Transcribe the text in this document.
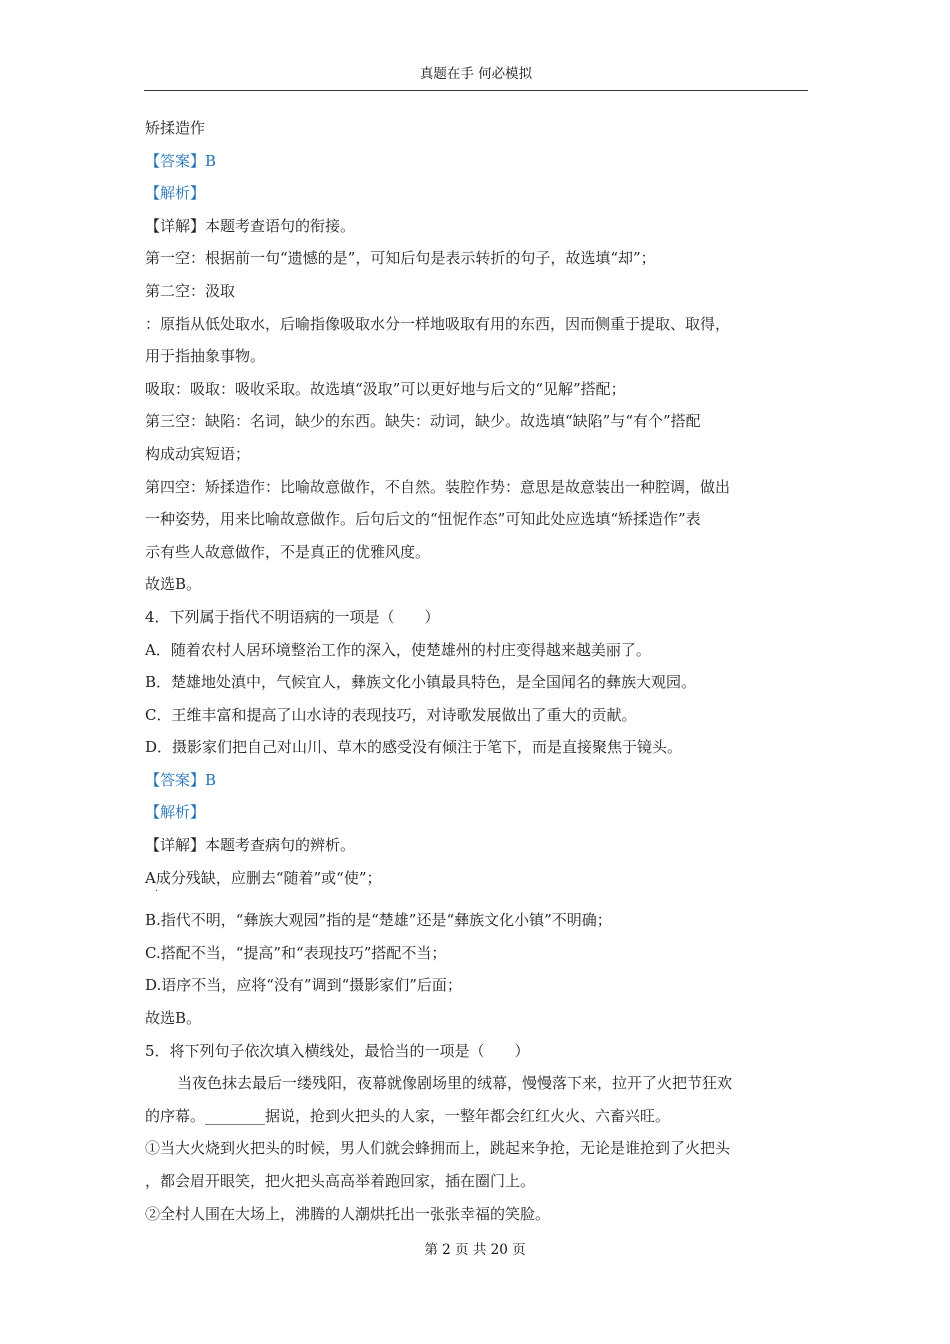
真题在手 何必模拟
矫揉造作
【答案】B
【解析】
【详解】本题考查语句的衔接。
第一空：根据前一句“遗憾的是”，可知后句是表示转折的句子，故选填“却”；
第二空：汲取
：原指从低处取水，后喻指像吸取水分一样地吸取有用的东西，因而侧重于提取、取得，
用于指抽象事物。
吸取：吸取：吸收采取。故选填“汲取”可以更好地与后文的“见解”搭配；
第三空：缺陷：名词，缺少的东西。缺失：动词，缺少。故选填“缺陷”与“有个”搭配
构成动宾短语；
第四空：矫揉造作：比喻故意做作，不自然。装腔作势：意思是故意装出一种腔调，做出
一种姿势，用来比喻故意做作。后句后文的“忸怩作态”可知此处应选填“矫揉造作”表
示有些人故意做作，不是真正的优雅风度。
故选B。
4．下列属于指代不明语病的一项是（　　）
A．随着农村人居环境整治工作的深入，使楚雄州的村庄变得越来越美丽了。
B．楚雄地处滇中，气候宜人，彝族文化小镇最具特色，是全国闻名的彝族大观园。
C．王维丰富和提高了山水诗的表现技巧，对诗歌发展做出了重大的贡献。
D．摄影家们把自己对山川、草木的感受没有倾注于笔下，而是直接聚焦于镜头。
【答案】B
【解析】
【详解】本题考查病句的辨析。
A成分残缺，应删去“随着”或“使”；
·
B.指代不明，“彝族大观园”指的是“楚雄”还是“彝族文化小镇”不明确；
C.搭配不当，“提高”和“表现技巧”搭配不当；
D.语序不当，应将“没有”调到“摄影家们”后面；
故选B。
5．将下列句子依次填入横线处，最恰当的一项是（　　）
当夜色抹去最后一缕残阳，夜幕就像剧场里的绒幕，慢慢落下来，拉开了火把节狂欢
的序幕。________据说，抢到火把头的人家，一整年都会红红火火、六畜兴旺。
①当大火烧到火把头的时候，男人们就会蜂拥而上，跳起来争抢，无论是谁抢到了火把头
，都会眉开眼笑，把火把头高高举着跑回家，插在圈门上。
②全村人围在大场上，沸腾的人潮烘托出一张张幸福的笑脸。
第 2 页 共 20 页
